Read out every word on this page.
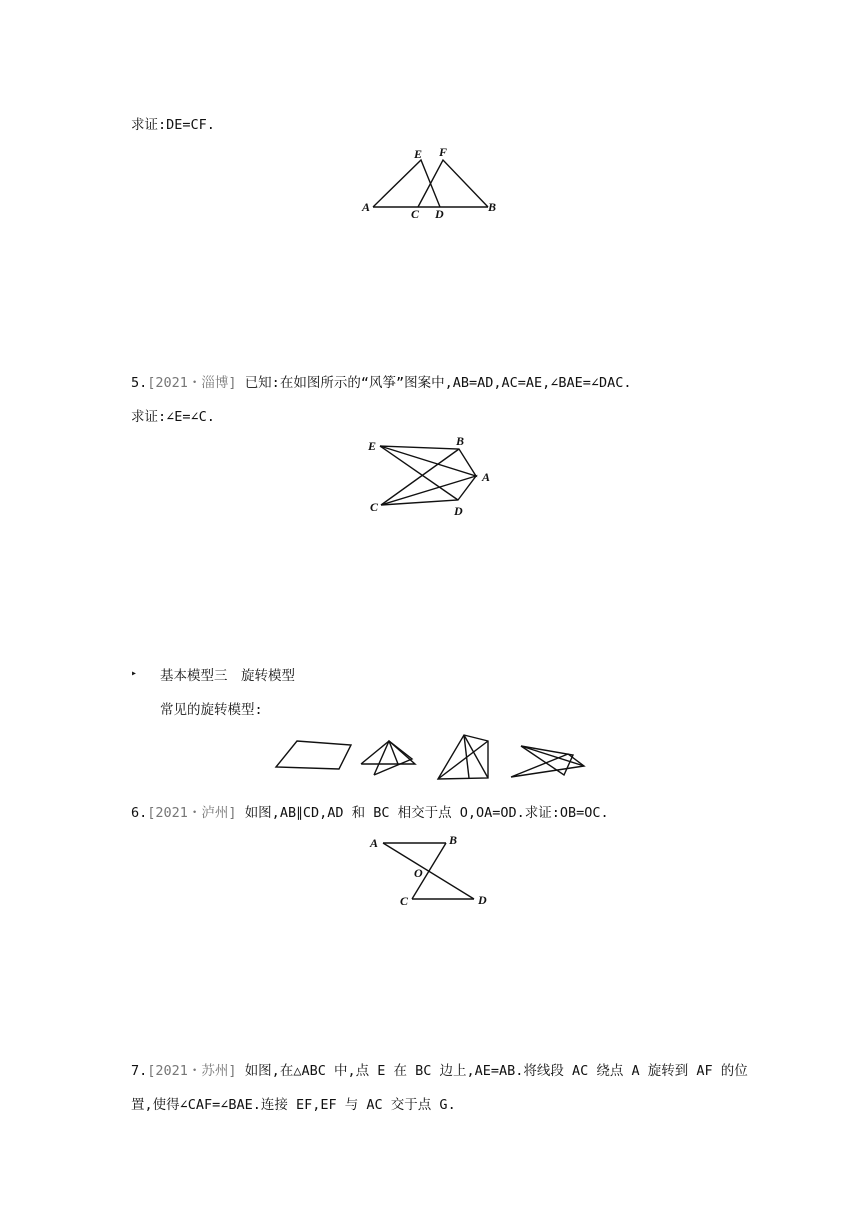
求证:DE=CF.
E F
A	C D	B
5.[2021・淄博] 已知:在如图所示的“风筝”图案中,AB=AD,AC=AE,∠BAE=∠DAC.
求证:∠E=∠C.
E	B
A
C	D
▸ 基本模型三　旋转模型
常见的旋转模型:
6.[2021・泸州] 如图,AB∥CD,AD 和 BC 相交于点 O,OA=OD.求证:OB=OC.
A	B
O
C	D
7.[2021・苏州] 如图,在△ABC 中,点 E 在 BC 边上,AE=AB.将线段 AC 绕点 A 旋转到 AF 的位
置,使得∠CAF=∠BAE.连接 EF,EF 与 AC 交于点 G.
